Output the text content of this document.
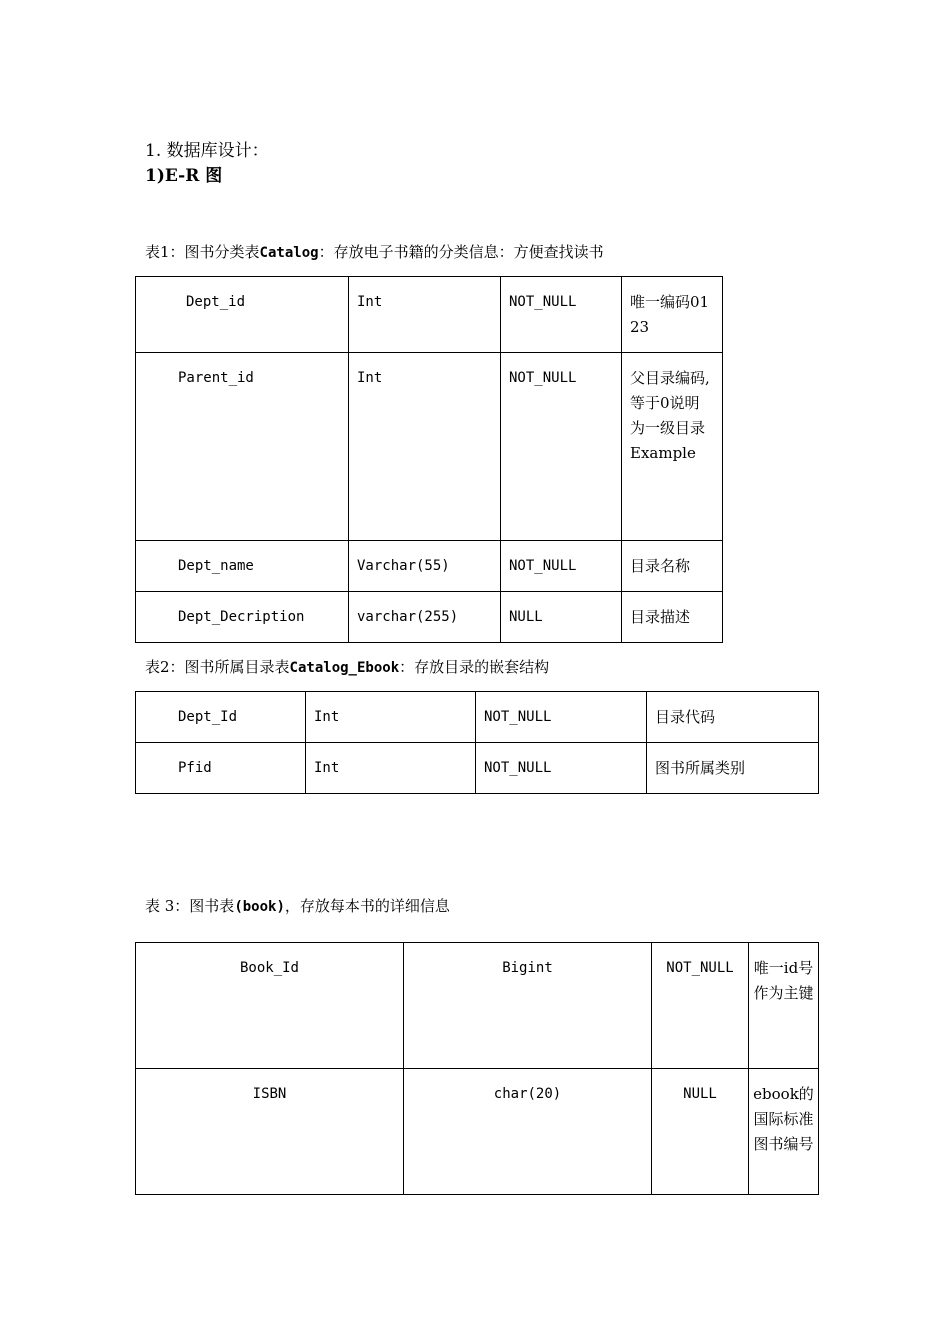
1. 数据库设计：
1)E-R 图
表1：图书分类表Catalog：存放电子书籍的分类信息：方便查找读书
Dept_id	Int	NOT_NULL	唯一编码0123

Parent_id	Int	NOT_NULL	父目录编码,等于0说明为一级目录Example

Dept_name	Varchar(55)	NOT_NULL	目录名称

Dept_Decription	varchar(255)	NULL	目录描述
表2：图书所属目录表Catalog_Ebook：存放目录的嵌套结构
Dept_Id	Int	NOT_NULL	目录代码

Pfid	Int	NOT_NULL	图书所属类别
表 3：图书表(book)，存放每本书的详细信息
Book_Id	Bigint	NOT_NULL	唯一id号作为主键

ISBN	char(20)	NULL	ebook的国际标准图书编号
